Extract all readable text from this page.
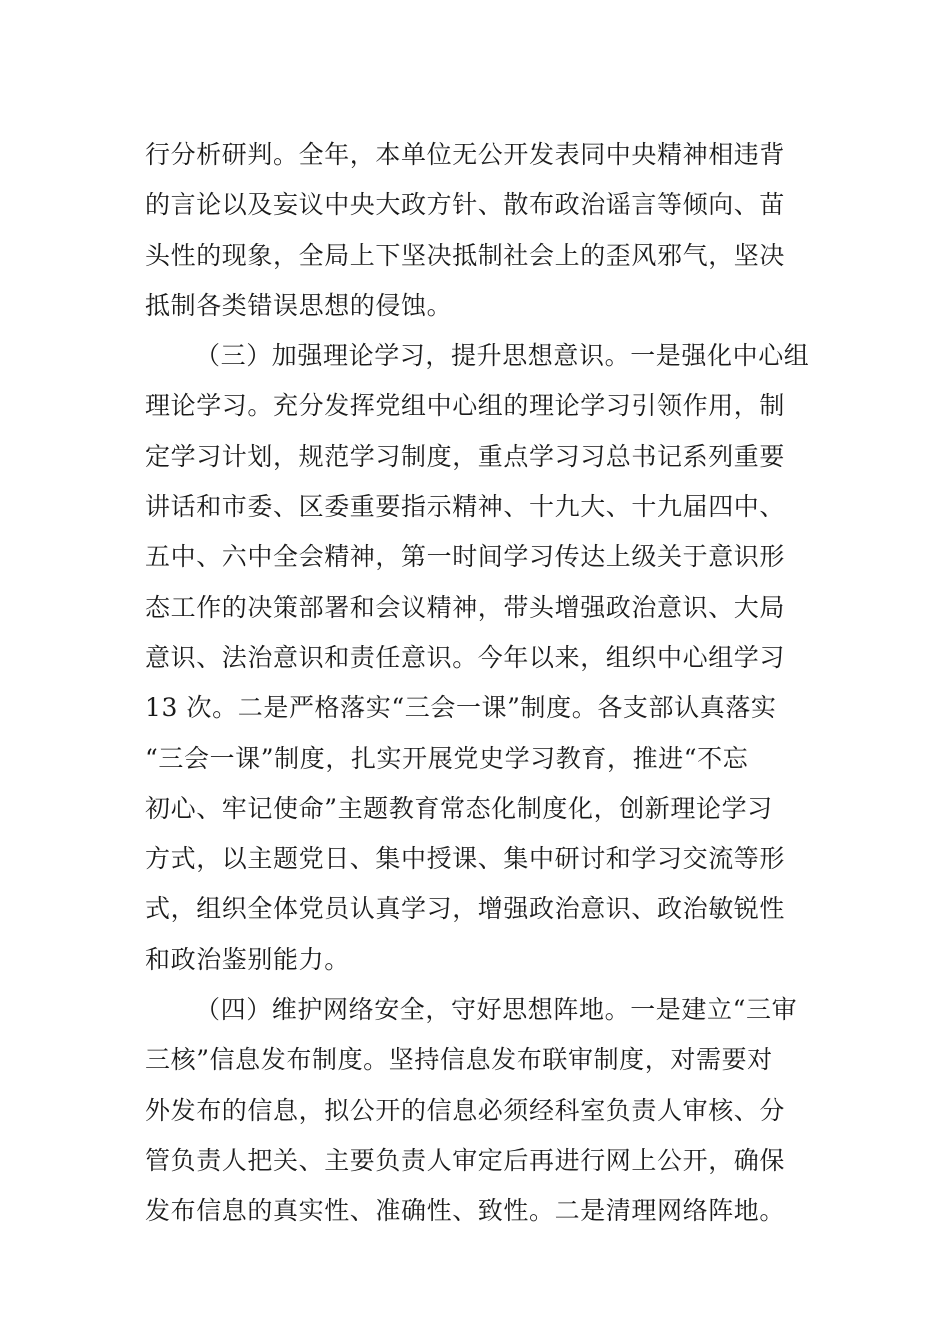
行分析研判。全年，本单位无公开发表同中央精神相违背
的言论以及妄议中央大政方针、散布政治谣言等倾向、苗
头性的现象，全局上下坚决抵制社会上的歪风邪气，坚决
抵制各类错误思想的侵蚀。
（三）加强理论学习，提升思想意识。一是强化中心组
理论学习。充分发挥党组中心组的理论学习引领作用，制
定学习计划，规范学习制度，重点学习习总书记系列重要
讲话和市委、区委重要指示精神、十九大、十九届四中、
五中、六中全会精神，第一时间学习传达上级关于意识形
态工作的决策部署和会议精神，带头增强政治意识、大局
意识、法治意识和责任意识。今年以来，组织中心组学习
13 次。二是严格落实“三会一课”制度。各支部认真落实
“三会一课”制度，扎实开展党史学习教育，推进“不忘
初心、牢记使命”主题教育常态化制度化，创新理论学习
方式，以主题党日、集中授课、集中研讨和学习交流等形
式，组织全体党员认真学习，增强政治意识、政治敏锐性
和政治鉴别能力。
（四）维护网络安全，守好思想阵地。一是建立“三审
三核”信息发布制度。坚持信息发布联审制度，对需要对
外发布的信息，拟公开的信息必须经科室负责人审核、分
管负责人把关、主要负责人审定后再进行网上公开，确保
发布信息的真实性、准确性、致性。二是清理网络阵地。
